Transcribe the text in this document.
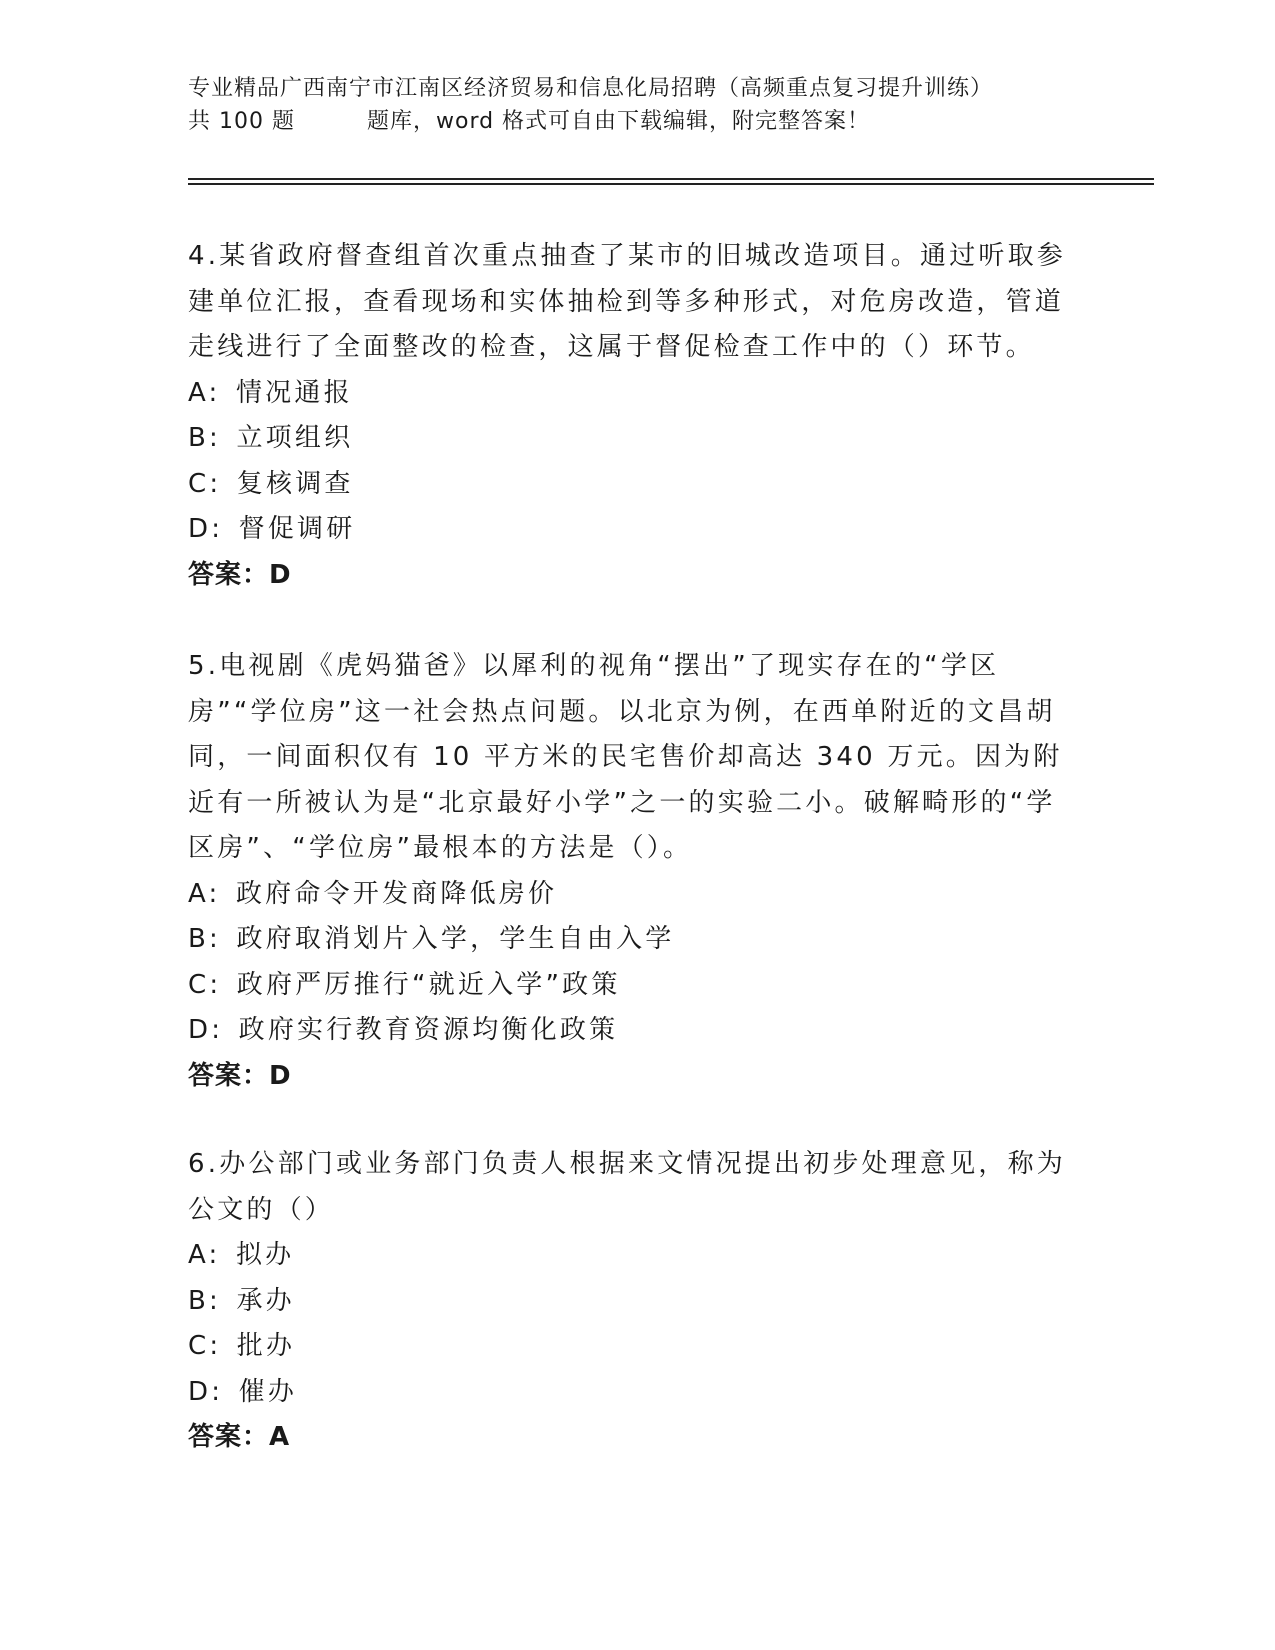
专业精品广西南宁市江南区经济贸易和信息化局招聘（高频重点复习提升训练）
共 100 题	题库，word 格式可自由下载编辑，附完整答案！
4.某省政府督查组首次重点抽查了某市的旧城改造项目。通过听取参建单位汇报，查看现场和实体抽检到等多种形式，对危房改造，管道走线进行了全面整改的检查，这属于督促检查工作中的（）环节。
A: 情况通报
B: 立项组织
C: 复核调查
D: 督促调研
答案：D
5.电视剧《虎妈猫爸》以犀利的视角“摆出”了现实存在的“学区房”“学位房”这一社会热点问题。以北京为例，在西单附近的文昌胡同，一间面积仅有 10 平方米的民宅售价却高达 340 万元。因为附近有一所被认为是“北京最好小学”之一的实验二小。破解畸形的“学区房”、“学位房”最根本的方法是（）。
A: 政府命令开发商降低房价
B: 政府取消划片入学，学生自由入学
C: 政府严厉推行“就近入学”政策
D: 政府实行教育资源均衡化政策
答案：D
6.办公部门或业务部门负责人根据来文情况提出初步处理意见，称为公文的（）
A: 拟办
B: 承办
C: 批办
D: 催办
答案：A
